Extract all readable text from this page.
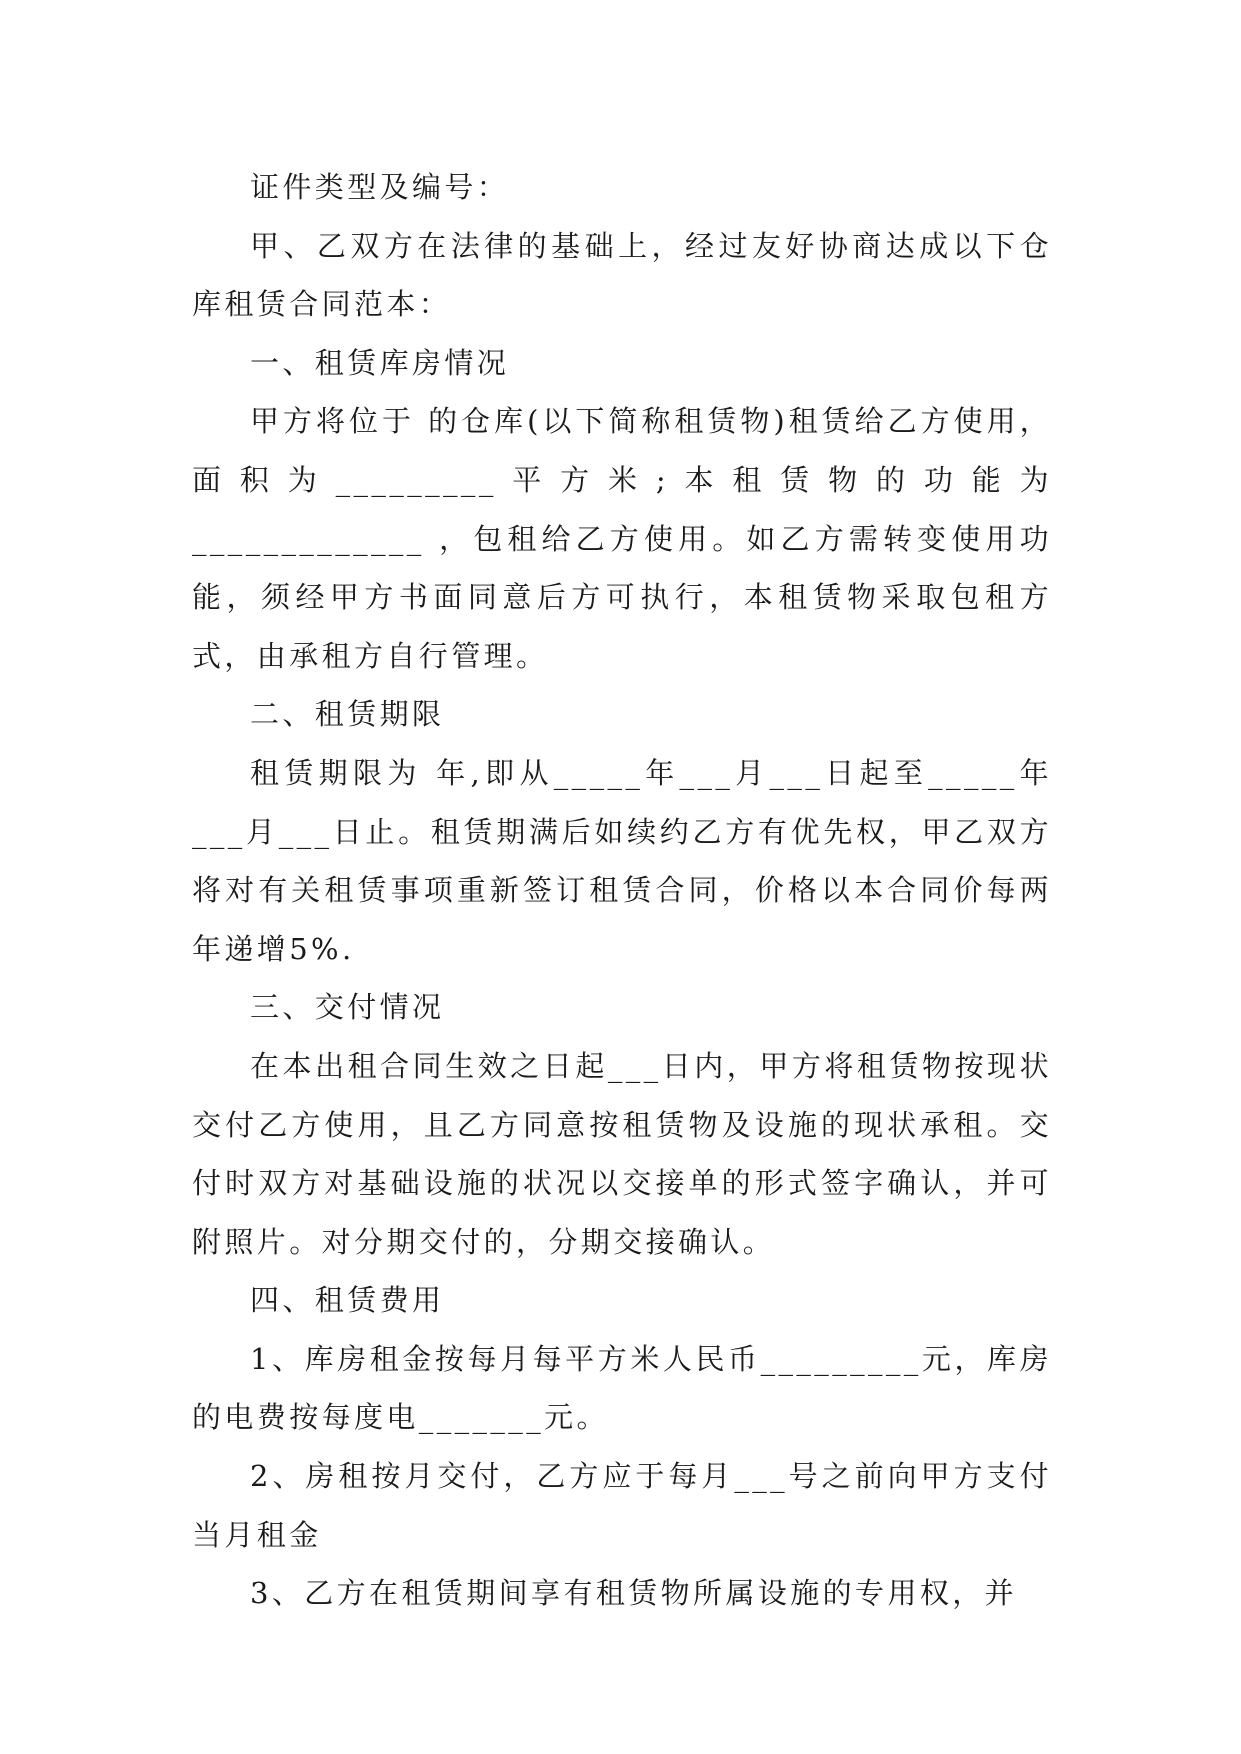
证件类型及编号：

甲、乙双方在法律的基础上，经过友好协商达成以下仓库租赁合同范本：

一、租赁库房情况

甲方将位于 的仓库(以下简称租赁物)租赁给乙方使用，面积为_________平方米;本租赁物的功能为_____________ ，包租给乙方使用。如乙方需转变使用功能，须经甲方书面同意后方可执行，本租赁物采取包租方式，由承租方自行管理。

二、租赁期限

租赁期限为 年,即从_____年___月___日起至_____年___月___日止。租赁期满后如续约乙方有优先权，甲乙双方将对有关租赁事项重新签订租赁合同，价格以本合同价每两年递增5%.

三、交付情况

在本出租合同生效之日起___日内，甲方将租赁物按现状交付乙方使用，且乙方同意按租赁物及设施的现状承租。交付时双方对基础设施的状况以交接单的形式签字确认，并可附照片。对分期交付的，分期交接确认。

四、租赁费用

1、库房租金按每月每平方米人民币_________元，库房的电费按每度电_______元。

2、房租按月交付，乙方应于每月___号之前向甲方支付当月租金

3、乙方在租赁期间享有租赁物所属设施的专用权，并
